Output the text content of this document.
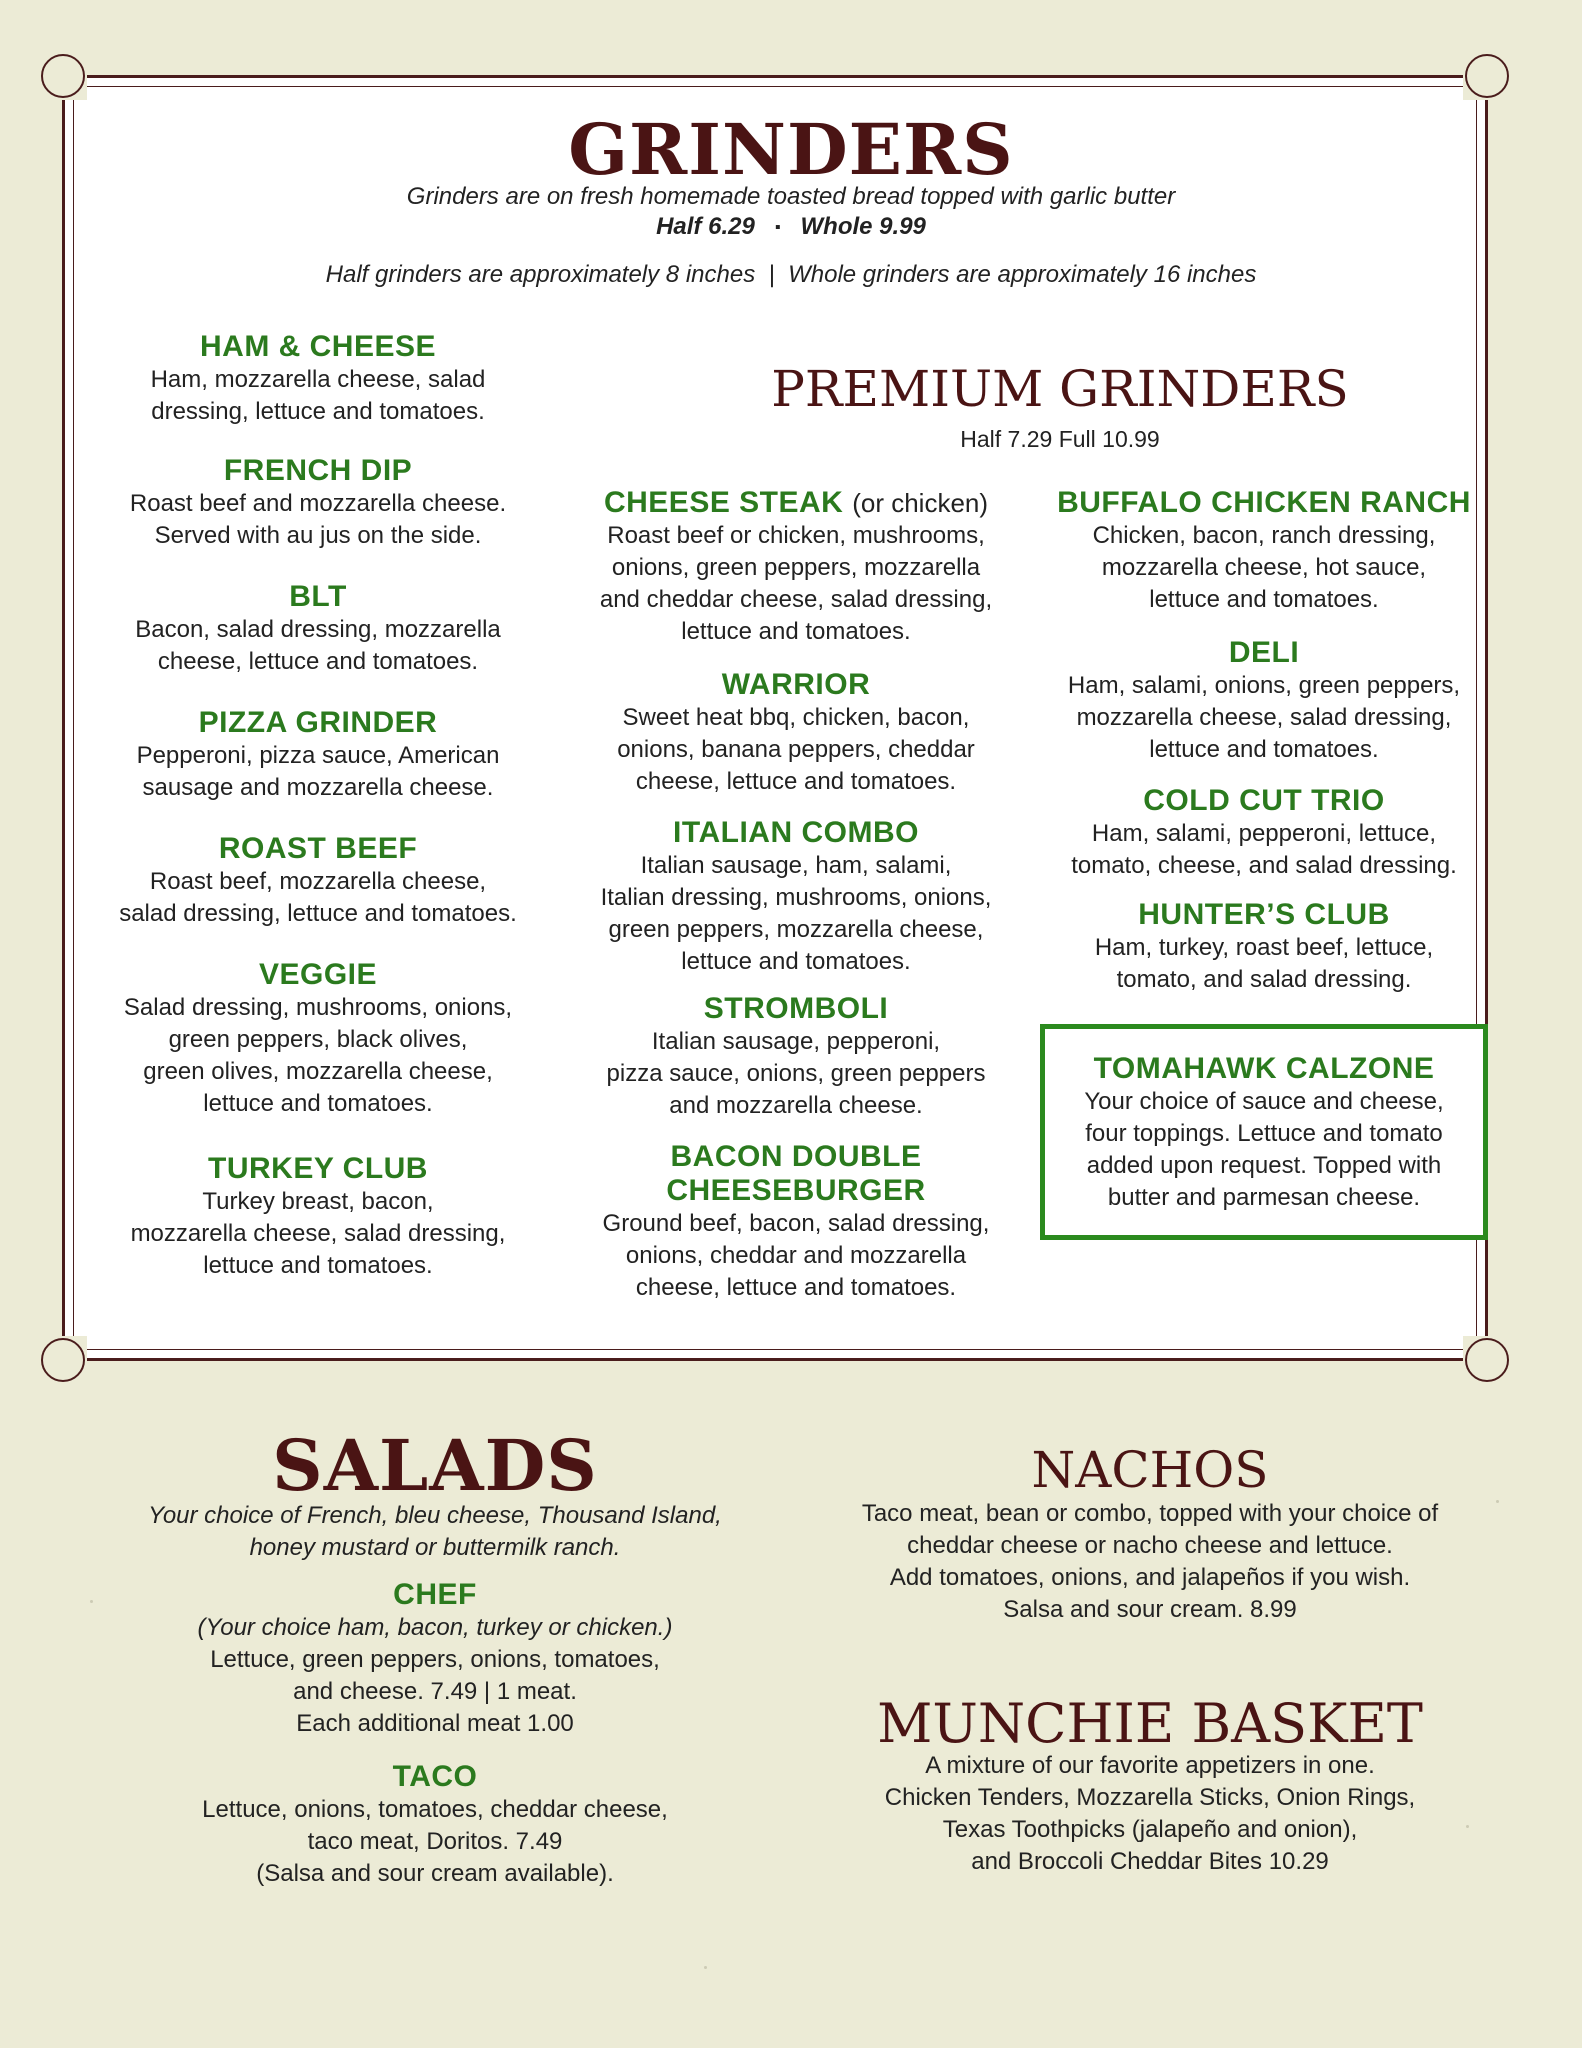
GRINDERS
Grinders are on fresh homemade toasted bread topped with garlic butter
Half 6.29 ▪ Whole 9.99
Half grinders are approximately 8 inches  |  Whole grinders are approximately 16 inches
HAM & CHEESE
Ham, mozzarella cheese, salad
dressing, lettuce and tomatoes.
FRENCH DIP
Roast beef and mozzarella cheese.
Served with au jus on the side.
BLT
Bacon, salad dressing, mozzarella
cheese, lettuce and tomatoes.
PIZZA GRINDER
Pepperoni, pizza sauce, American
sausage and mozzarella cheese.
ROAST BEEF
Roast beef, mozzarella cheese,
salad dressing, lettuce and tomatoes.
VEGGIE
Salad dressing, mushrooms, onions,
green peppers, black olives,
green olives, mozzarella cheese,
lettuce and tomatoes.
TURKEY CLUB
Turkey breast, bacon,
mozzarella cheese, salad dressing,
lettuce and tomatoes.
PREMIUM GRINDERS
Half 7.29 Full 10.99
CHEESE STEAK (or chicken)
Roast beef or chicken, mushrooms,
onions, green peppers, mozzarella
and cheddar cheese, salad dressing,
lettuce and tomatoes.
WARRIOR
Sweet heat bbq, chicken, bacon,
onions, banana peppers, cheddar
cheese, lettuce and tomatoes.
ITALIAN COMBO
Italian sausage, ham, salami,
Italian dressing, mushrooms, onions,
green peppers, mozzarella cheese,
lettuce and tomatoes.
STROMBOLI
Italian sausage, pepperoni,
pizza sauce, onions, green peppers
and mozzarella cheese.
BACON DOUBLE
CHEESEBURGER
Ground beef, bacon, salad dressing,
onions, cheddar and mozzarella
cheese, lettuce and tomatoes.
BUFFALO CHICKEN RANCH
Chicken, bacon, ranch dressing,
mozzarella cheese, hot sauce,
lettuce and tomatoes.
DELI
Ham, salami, onions, green peppers,
mozzarella cheese, salad dressing,
lettuce and tomatoes.
COLD CUT TRIO
Ham, salami, pepperoni, lettuce,
tomato, cheese, and salad dressing.
HUNTER’S CLUB
Ham, turkey, roast beef, lettuce,
tomato, and salad dressing.
TOMAHAWK CALZONE
Your choice of sauce and cheese,
four toppings. Lettuce and tomato
added upon request. Topped with
butter and parmesan cheese.
SALADS
Your choice of French, bleu cheese, Thousand Island,
honey mustard or buttermilk ranch.
CHEF
(Your choice ham, bacon, turkey or chicken.)
Lettuce, green peppers, onions, tomatoes,
and cheese. 7.49 | 1 meat.
Each additional meat 1.00
TACO
Lettuce, onions, tomatoes, cheddar cheese,
taco meat, Doritos. 7.49
(Salsa and sour cream available).
NACHOS
Taco meat, bean or combo, topped with your choice of
cheddar cheese or nacho cheese and lettuce.
Add tomatoes, onions, and jalapeños if you wish.
Salsa and sour cream. 8.99
MUNCHIE BASKET
A mixture of our favorite appetizers in one.
Chicken Tenders, Mozzarella Sticks, Onion Rings,
Texas Toothpicks (jalapeño and onion),
and Broccoli Cheddar Bites 10.29
